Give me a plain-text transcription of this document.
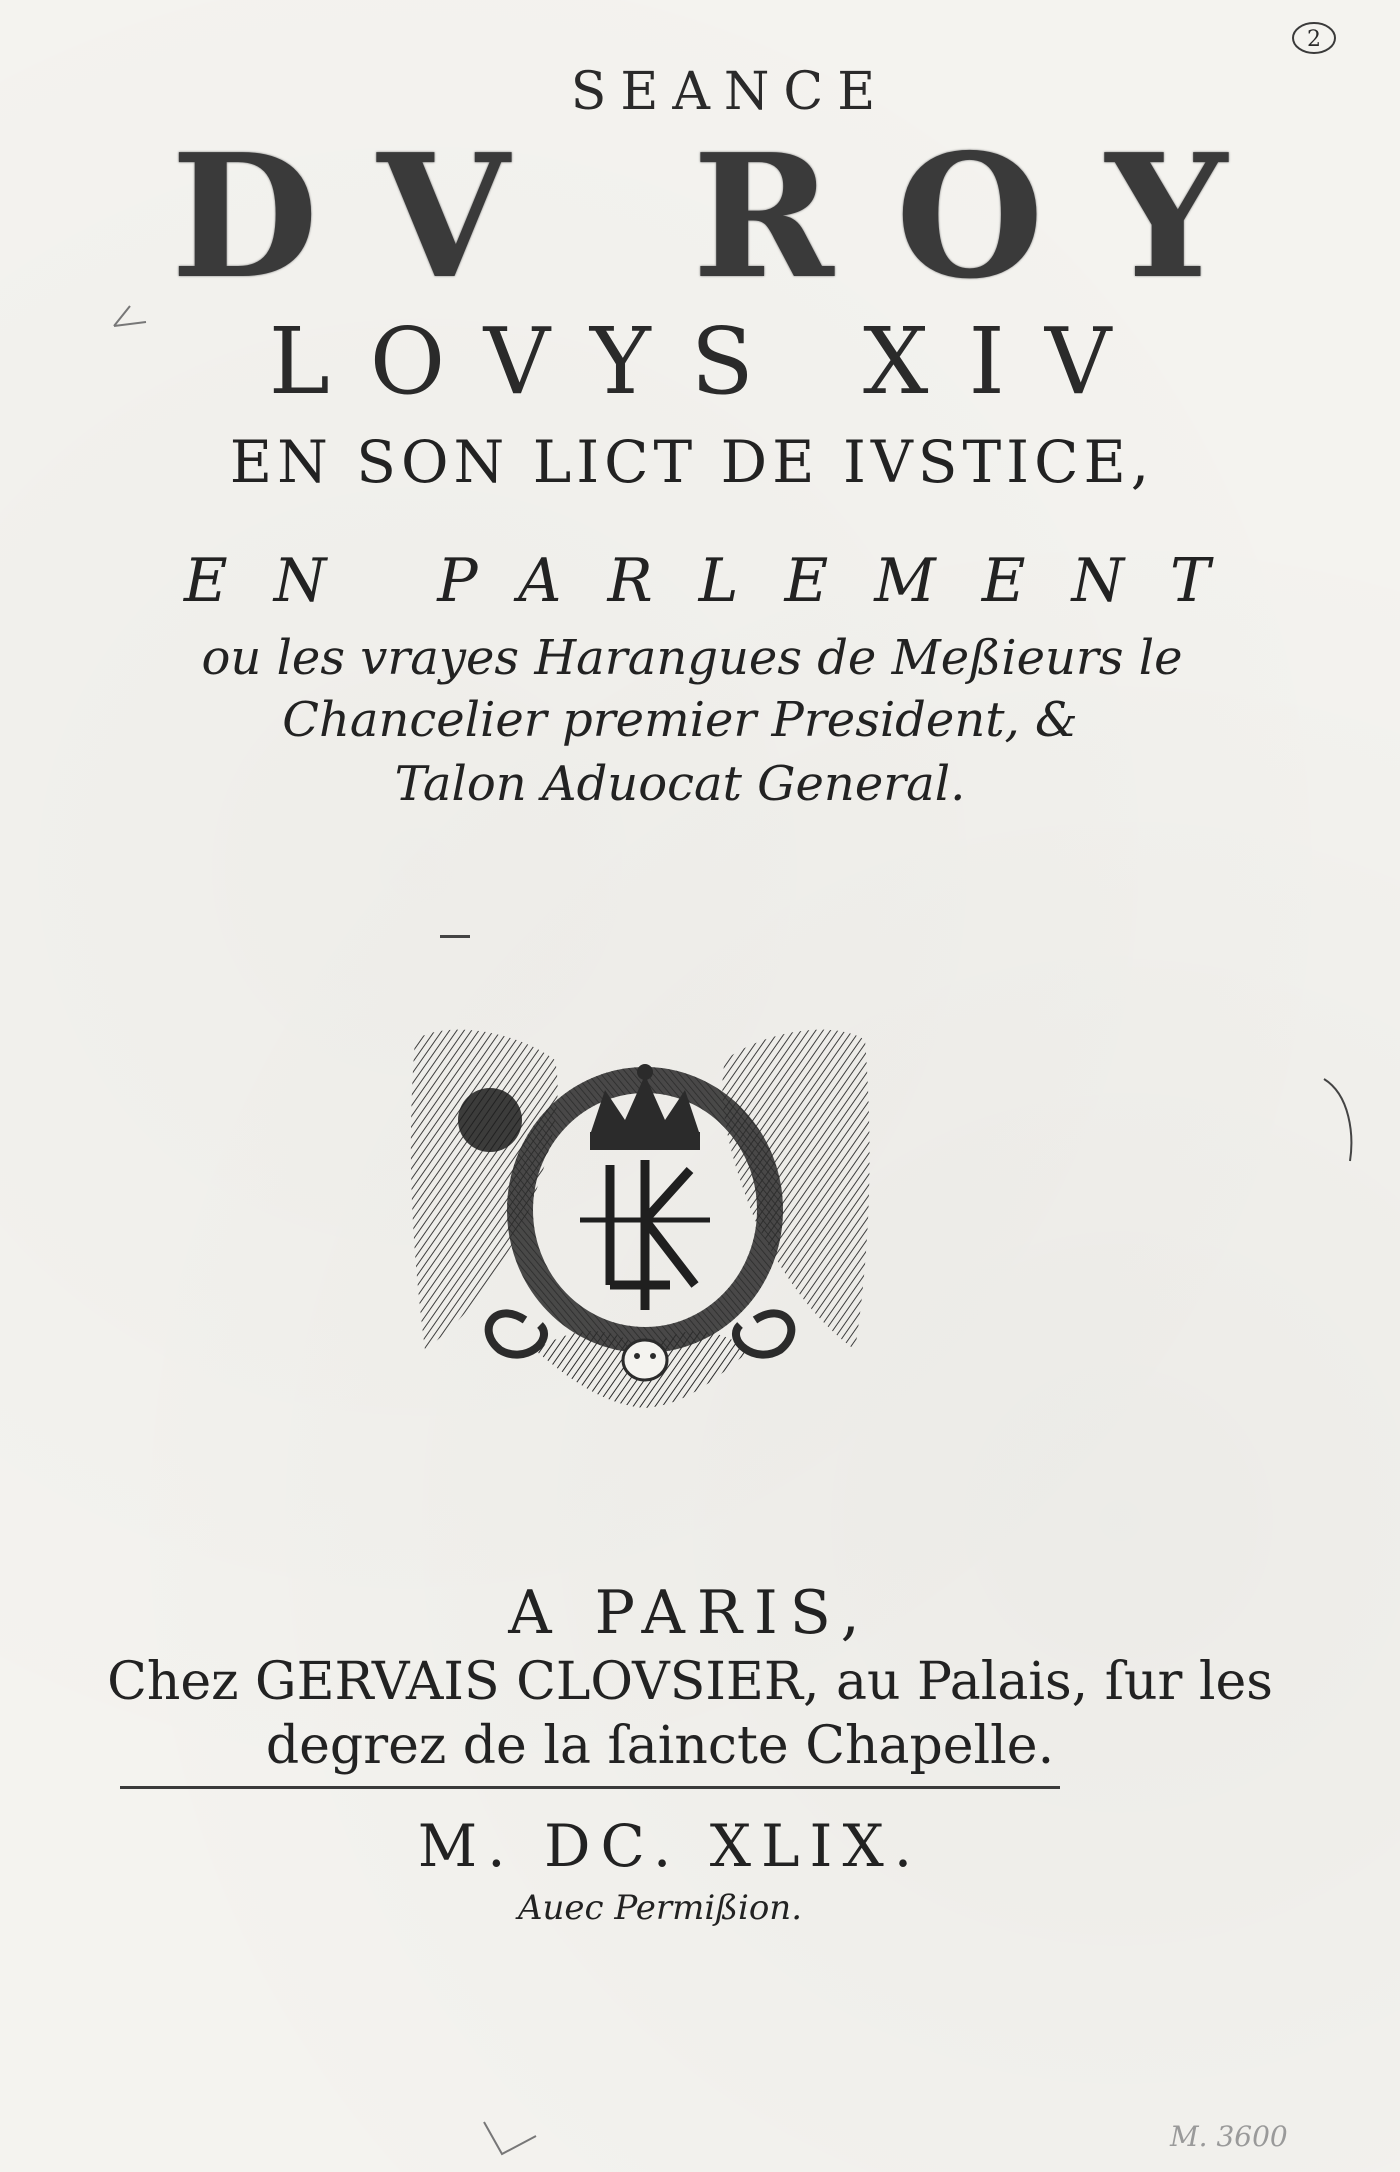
2
SEANCE
DV ROY
LOVYS XIV
EN SON LICT DE IVSTICE,
EN PARLEMENT
ou les vrayes Harangues de Meßieurs le
Chancelier premier President, &
Talon Aduocat General.
A PARIS,
Chez GERVAIS CLOVSIER, au Palais, ſur les
degrez de la ſaincte Chapelle.
M. DC. XLIX.
Auec Permißion.
M. 3600
